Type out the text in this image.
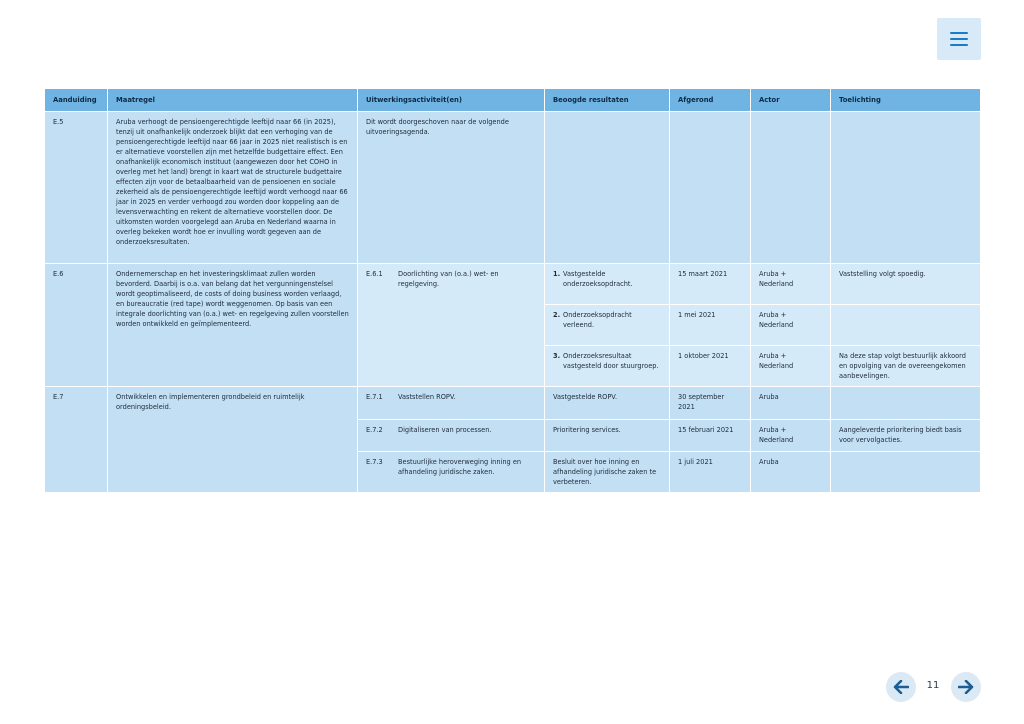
Aanduiding	Maatregel	Uitwerkingsactiviteit(en)	Beoogde resultaten	Afgerond	Actor	Toelichting
E.5	Aruba verhoogt de pensioengerechtigde leeftijd naar 66 (in 2025), tenzij uit onafhankelijk onderzoek blijkt dat een verhoging van de pensioengerechtigde leeftijd naar 66 jaar in 2025 niet realistisch is en er alternatieve voorstellen zijn met hetzelfde budgettaire effect. Een onafhankelijk economisch instituut (aangewezen door het COHO in overleg met het land) brengt in kaart wat de structurele budgettaire effecten zijn voor de betaalbaarheid van de pensioenen en sociale zekerheid als de pensioengerechtigde leeftijd wordt verhoogd naar 66 jaar in 2025 en verder verhoogd zou worden door koppeling aan de levensverwachting en rekent de alternatieve voorstellen door. De uitkomsten worden voorgelegd aan Aruba en Nederland waarna in overleg bekeken wordt hoe er invulling wordt gegeven aan de onderzoeksresultaten.	Dit wordt doorgeschoven naar de volgende uitvoeringsagenda.				
E.6	Ondernemerschap en het investeringsklimaat zullen worden bevorderd. Daarbij is o.a. van belang dat het vergunningenstelsel wordt geoptimaliseerd, de costs of doing business worden verlaagd, en bureaucratie (red tape) wordt weggenomen. Op basis van een integrale doorlichting van (o.a.) wet- en regelgeving zullen voorstellen worden ontwikkeld en geïmplementeerd.	E.6.1 Doorlichting van (o.a.) wet- en regelgeving.	1. Vastgestelde onderzoeksopdracht.	15 maart 2021	Aruba + Nederland	Vaststelling volgt spoedig.

			2. Onderzoeksopdracht verleend.	1 mei 2021	Aruba + Nederland	

			3. Onderzoeksresultaat vastgesteld door stuurgroep.	1 oktober 2021	Aruba + Nederland	Na deze stap volgt bestuurlijk akkoord en opvolging van de overeengekomen aanbevelingen.
E.7	Ontwikkelen en implementeren grondbeleid en ruimtelijk ordeningsbeleid.	E.7.1 Vaststellen ROPV.	Vastgestelde ROPV.	30 september 2021	Aruba	

		E.7.2 Digitaliseren van processen.	Prioritering services.	15 februari 2021	Aruba + Nederland	Aangeleverde prioritering biedt basis voor vervolgacties.

		E.7.3 Bestuurlijke heroverweging inning en afhandeling juridische zaken.	Besluit over hoe inning en afhandeling juridische zaken te verbeteren.	1 juli 2021	Aruba	
11
